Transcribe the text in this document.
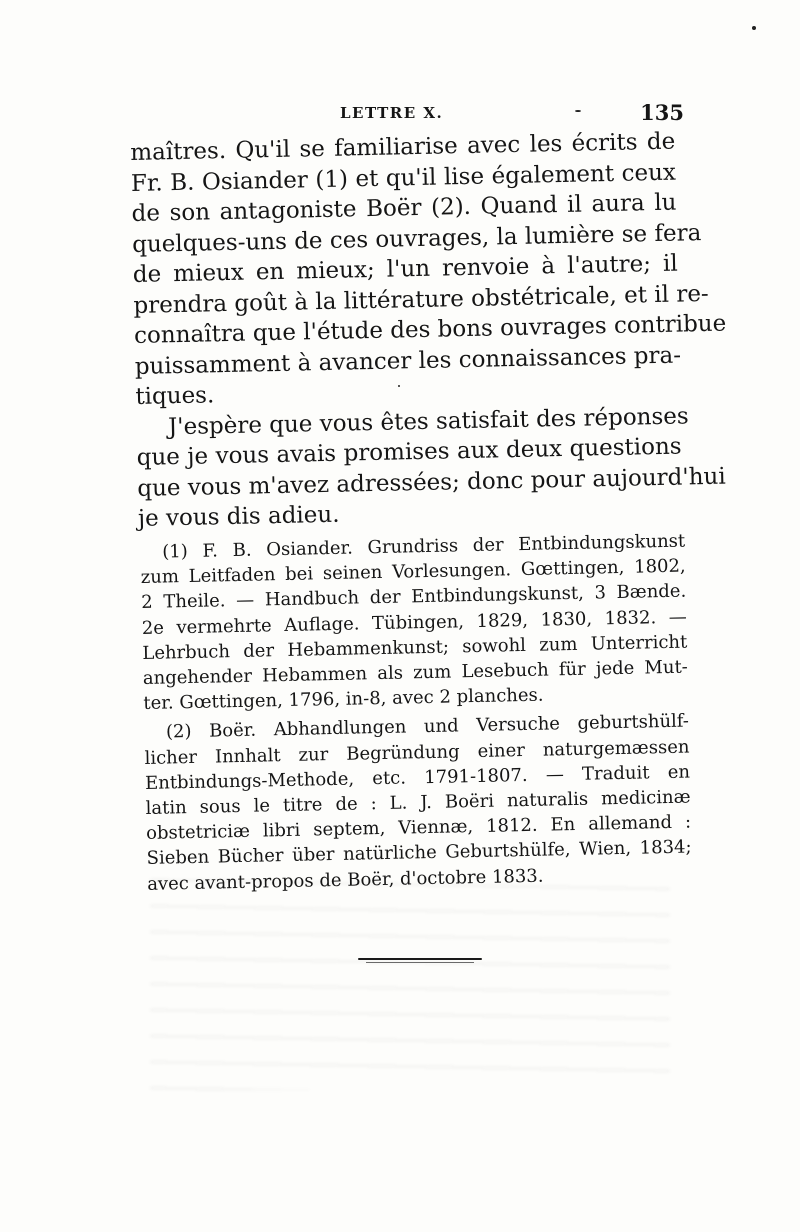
LETTRE X.	135
maîtres. Qu'il se familiarise avec les écrits de
Fr. B. Osiander (1) et qu'il lise également ceux
de son antagoniste Boër (2). Quand il aura lu
quelques-uns de ces ouvrages, la lumière se fera
de mieux en mieux; l'un renvoie à l'autre; il
prendra goût à la littérature obstétricale, et il re-
connaîtra que l'étude des bons ouvrages contribue
puissamment à avancer les connaissances pra-
tiques.
J'espère que vous êtes satisfait des réponses
que je vous avais promises aux deux questions
que vous m'avez adressées; donc pour aujourd'hui
je vous dis adieu.
(1) F. B. Osiander. Grundriss der Entbindungskunst
zum Leitfaden bei seinen Vorlesungen. Gœttingen, 1802,
2 Theile. — Handbuch der Entbindungskunst, 3 Bænde.
2e vermehrte Auflage. Tübingen, 1829, 1830, 1832. —
Lehrbuch der Hebammenkunst; sowohl zum Unterricht
angehender Hebammen als zum Lesebuch für jede Mut-
ter. Gœttingen, 1796, in-8, avec 2 planches.
(2) Boër. Abhandlungen und Versuche geburtshülf-
licher Innhalt zur Begründung einer naturgemæssen
Entbindungs-Methode, etc. 1791-1807. — Traduit en
latin sous le titre de : L. J. Boëri naturalis medicinæ
obstetriciæ libri septem, Viennæ, 1812. En allemand :
Sieben Bücher über natürliche Geburtshülfe, Wien, 1834;
avec avant-propos de Boër, d'octobre 1833.
